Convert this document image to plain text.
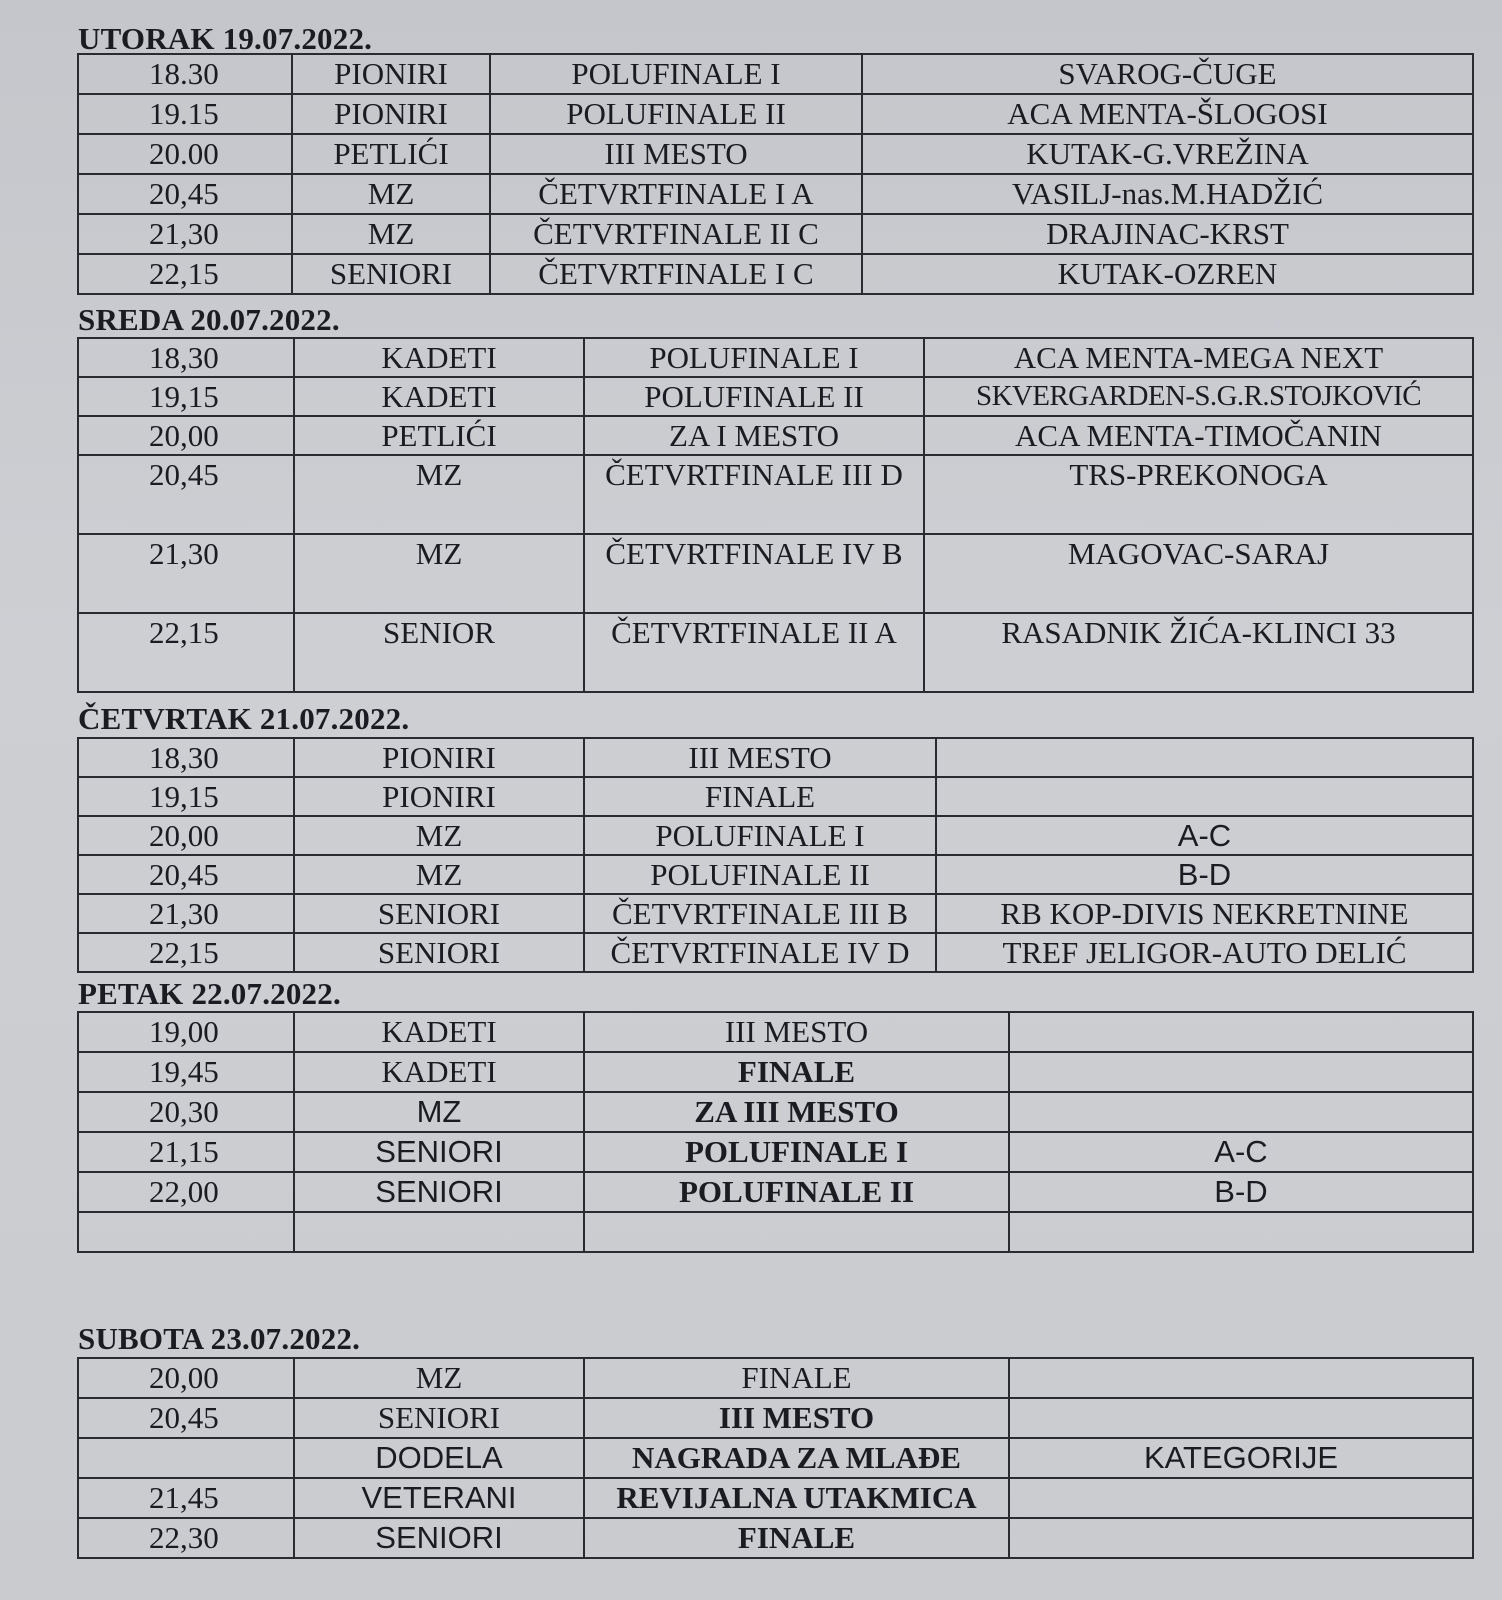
UTORAK 19.07.2022.
18.30	PIONIRI	POLUFINALE I	SVAROG-ČUGE
19.15	PIONIRI	POLUFINALE II	ACA MENTA-ŠLOGOSI
20.00	PETLIĆI	III MESTO	KUTAK-G.VREŽINA
20,45	MZ	ČETVRTFINALE I A	VASILJ-nas.M.HADŽIĆ
21,30	MZ	ČETVRTFINALE II C	DRAJINAC-KRST
22,15	SENIORI	ČETVRTFINALE I C	KUTAK-OZREN
SREDA 20.07.2022.
18,30	KADETI	POLUFINALE I	ACA MENTA-MEGA NEXT
19,15	KADETI	POLUFINALE II	SKVERGARDEN-S.G.R.STOJKOVIĆ
20,00	PETLIĆI	ZA I MESTO	ACA MENTA-TIMOČANIN
20,45	MZ	ČETVRTFINALE III D	TRS-PREKONOGA
21,30	MZ	ČETVRTFINALE IV B	MAGOVAC-SARAJ
22,15	SENIOR	ČETVRTFINALE II A	RASADNIK ŽIĆA-KLINCI 33
ČETVRTAK 21.07.2022.
18,30	PIONIRI	III MESTO	
19,15	PIONIRI	FINALE	
20,00	MZ	POLUFINALE I	A-C
20,45	MZ	POLUFINALE II	B-D
21,30	SENIORI	ČETVRTFINALE III B	RB KOP-DIVIS NEKRETNINE
22,15	SENIORI	ČETVRTFINALE IV D	TREF JELIGOR-AUTO DELIĆ
PETAK 22.07.2022.
19,00	KADETI	III MESTO	
19,45	KADETI	FINALE	
20,30	MZ	ZA III MESTO	
21,15	SENIORI	POLUFINALE I	A-C
22,00	SENIORI	POLUFINALE II	B-D

SUBOTA 23.07.2022.
20,00	MZ	FINALE	
20,45	SENIORI	III MESTO	
	DODELA	NAGRADA ZA MLAĐE	KATEGORIJE
21,45	VETERANI	REVIJALNA UTAKMICA	
22,30	SENIORI	FINALE	
